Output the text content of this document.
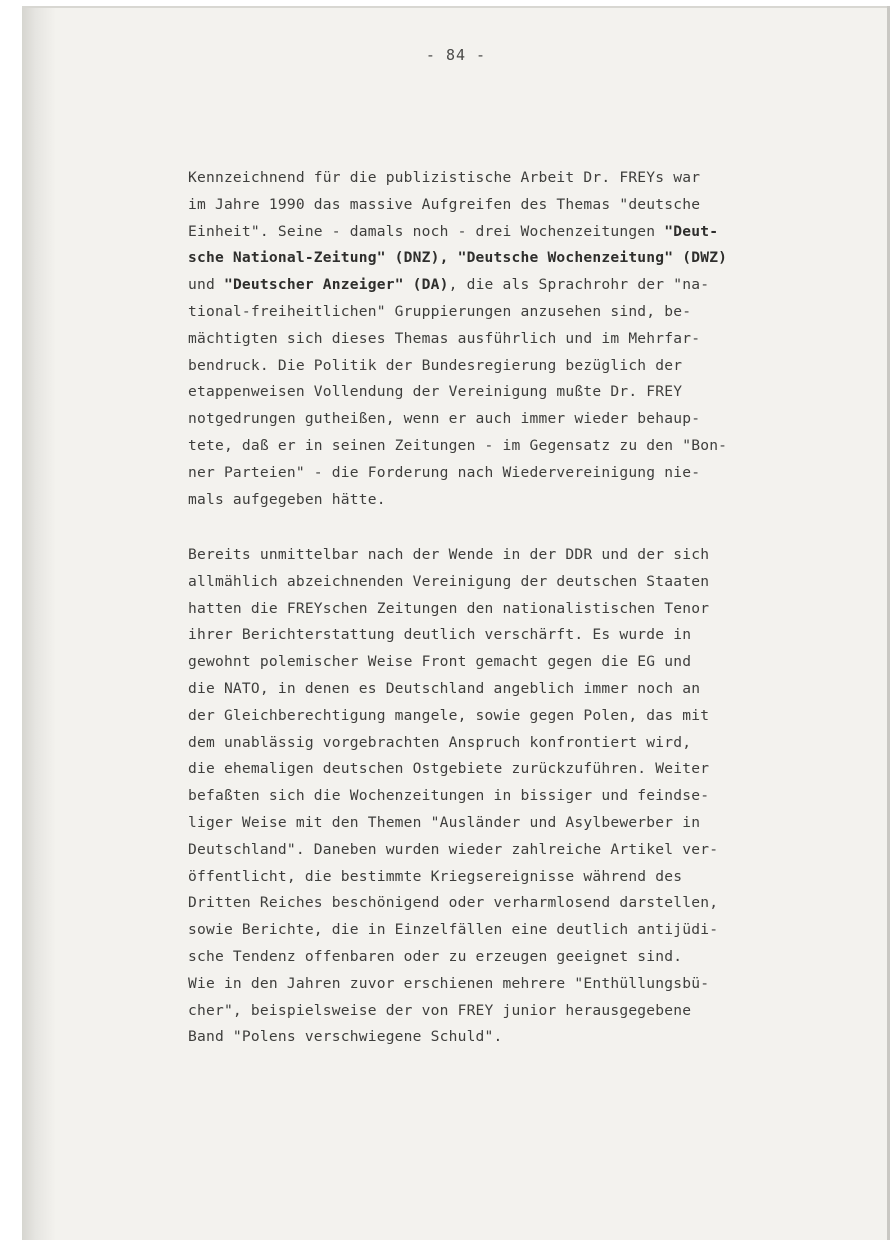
- 84 -
Kennzeichnend für die publizistische Arbeit Dr. FREYs war
im Jahre 1990 das massive Aufgreifen des Themas "deutsche
Einheit". Seine - damals noch - drei Wochenzeitungen "Deut-
sche National-Zeitung" (DNZ), "Deutsche Wochenzeitung" (DWZ)
und "Deutscher Anzeiger" (DA), die als Sprachrohr der "na-
tional-freiheitlichen" Gruppierungen anzusehen sind, be-
mächtigten sich dieses Themas ausführlich und im Mehrfar-
bendruck. Die Politik der Bundesregierung bezüglich der
etappenweisen Vollendung der Vereinigung mußte Dr. FREY
notgedrungen gutheißen, wenn er auch immer wieder behaup-
tete, daß er in seinen Zeitungen - im Gegensatz zu den "Bon-
ner Parteien" - die Forderung nach Wiedervereinigung nie-
mals aufgegeben hätte.
Bereits unmittelbar nach der Wende in der DDR und der sich
allmählich abzeichnenden Vereinigung der deutschen Staaten
hatten die FREYschen Zeitungen den nationalistischen Tenor
ihrer Berichterstattung deutlich verschärft. Es wurde in
gewohnt polemischer Weise Front gemacht gegen die EG und
die NATO, in denen es Deutschland angeblich immer noch an
der Gleichberechtigung mangele, sowie gegen Polen, das mit
dem unablässig vorgebrachten Anspruch konfrontiert wird,
die ehemaligen deutschen Ostgebiete zurückzuführen. Weiter
befaßten sich die Wochenzeitungen in bissiger und feindse-
liger Weise mit den Themen "Ausländer und Asylbewerber in
Deutschland". Daneben wurden wieder zahlreiche Artikel ver-
öffentlicht, die bestimmte Kriegsereignisse während des
Dritten Reiches beschönigend oder verharmlosend darstellen,
sowie Berichte, die in Einzelfällen eine deutlich antijüdi-
sche Tendenz offenbaren oder zu erzeugen geeignet sind.
Wie in den Jahren zuvor erschienen mehrere "Enthüllungsbü-
cher", beispielsweise der von FREY junior herausgegebene
Band "Polens verschwiegene Schuld".
